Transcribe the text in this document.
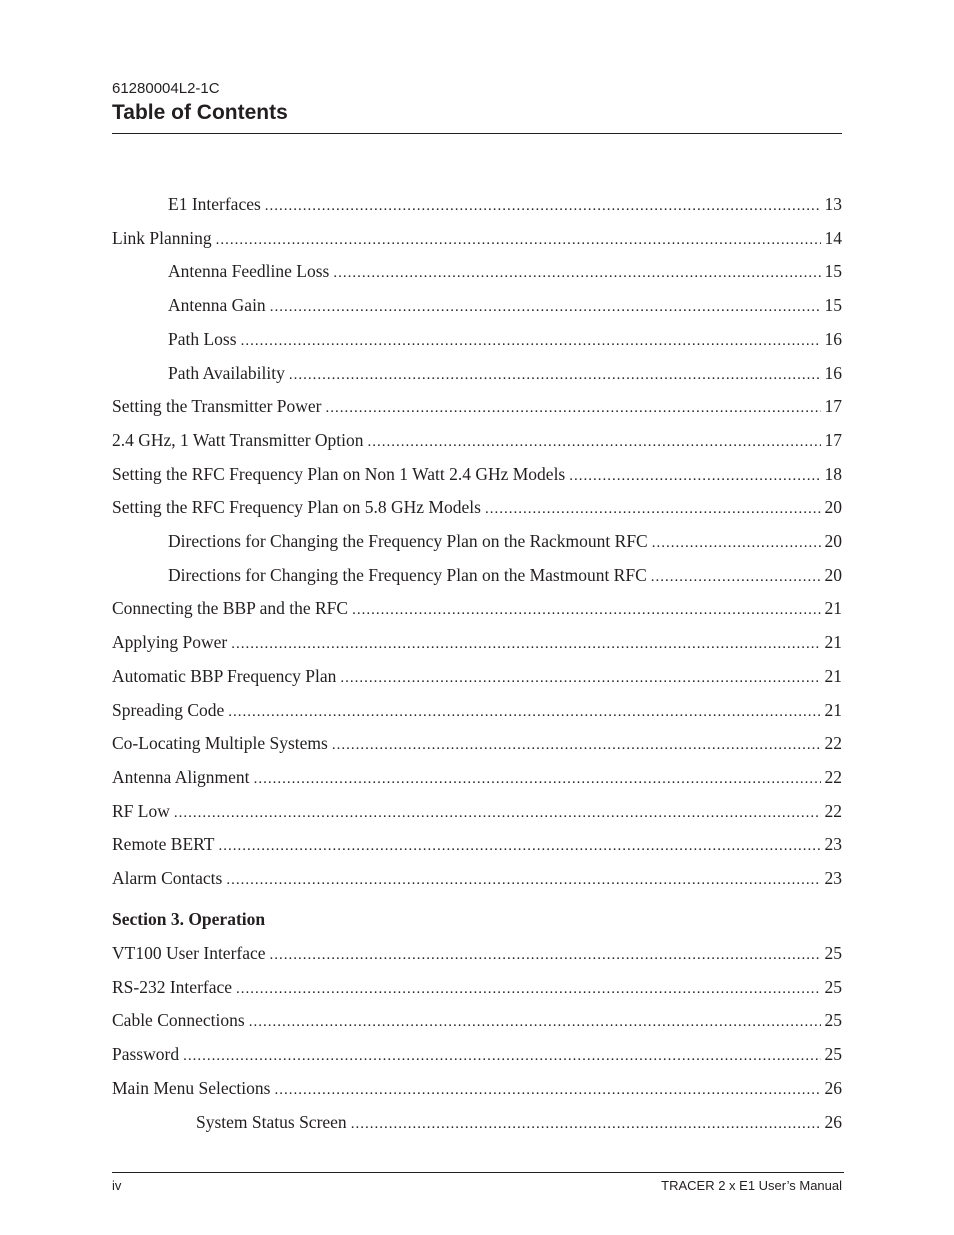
61280004L2-1C
Table of Contents
E1 Interfaces .....	13
Link Planning .....	14
Antenna Feedline Loss .....	15
Antenna Gain .....	15
Path Loss .....	16
Path Availability .....	16
Setting the Transmitter Power .....	17
2.4 GHz, 1 Watt Transmitter Option .....	17
Setting the RFC Frequency Plan on Non 1 Watt 2.4 GHz Models .....	18
Setting the RFC Frequency Plan on 5.8 GHz Models .....	20
Directions for Changing the Frequency Plan on the Rackmount RFC .....	20
Directions for Changing the Frequency Plan on the Mastmount RFC .....	20
Connecting the BBP and the RFC .....	21
Applying Power .....	21
Automatic BBP Frequency Plan .....	21
Spreading Code .....	21
Co-Locating Multiple Systems .....	22
Antenna Alignment .....	22
RF Low .....	22
Remote BERT .....	23
Alarm Contacts .....	23
VT100 User Interface .....	25
RS-232 Interface .....	25
Cable Connections .....	25
Password .....	25
Main Menu Selections .....	26
System Status Screen .....	26
Section 3. Operation
iv	TRACER 2 x E1 User’s Manual
